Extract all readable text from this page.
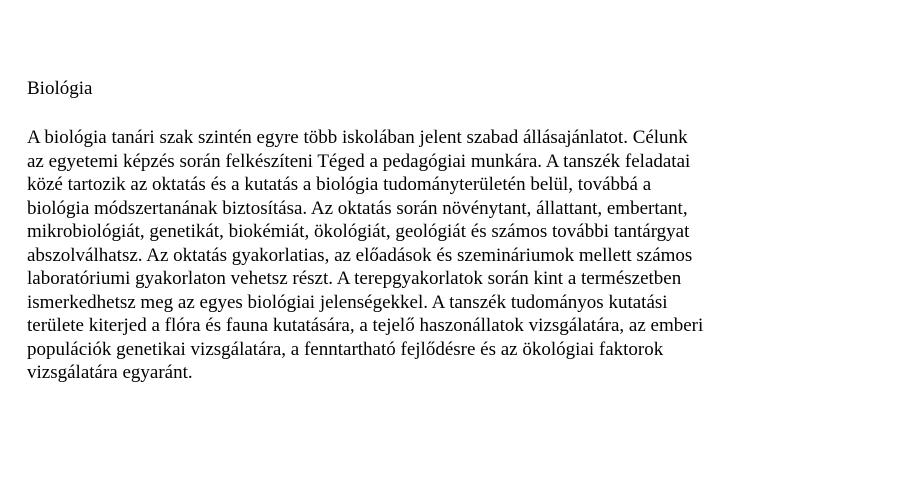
Biológia

A biológia tanári szak szintén egyre több iskolában jelent szabad állásajánlatot. Célunk
az egyetemi képzés során felkészíteni Téged a pedagógiai munkára. A tanszék feladatai
közé tartozik az oktatás és a kutatás a biológia tudományterületén belül, továbbá a
biológia módszertanának biztosítása. Az oktatás során növénytant, állattant, embertant,
mikrobiológiát, genetikát, biokémiát, ökológiát, geológiát és számos további tantárgyat
abszolválhatsz. Az oktatás gyakorlatias, az előadások és szemináriumok mellett számos
laboratóriumi gyakorlaton vehetsz részt. A terepgyakorlatok során kint a természetben
ismerkedhetsz meg az egyes biológiai jelenségekkel. A tanszék tudományos kutatási
területe kiterjed a flóra és fauna kutatására, a tejelő haszonállatok vizsgálatára, az emberi
populációk genetikai vizsgálatára, a fenntartható fejlődésre és az ökológiai faktorok
vizsgálatára egyaránt.
